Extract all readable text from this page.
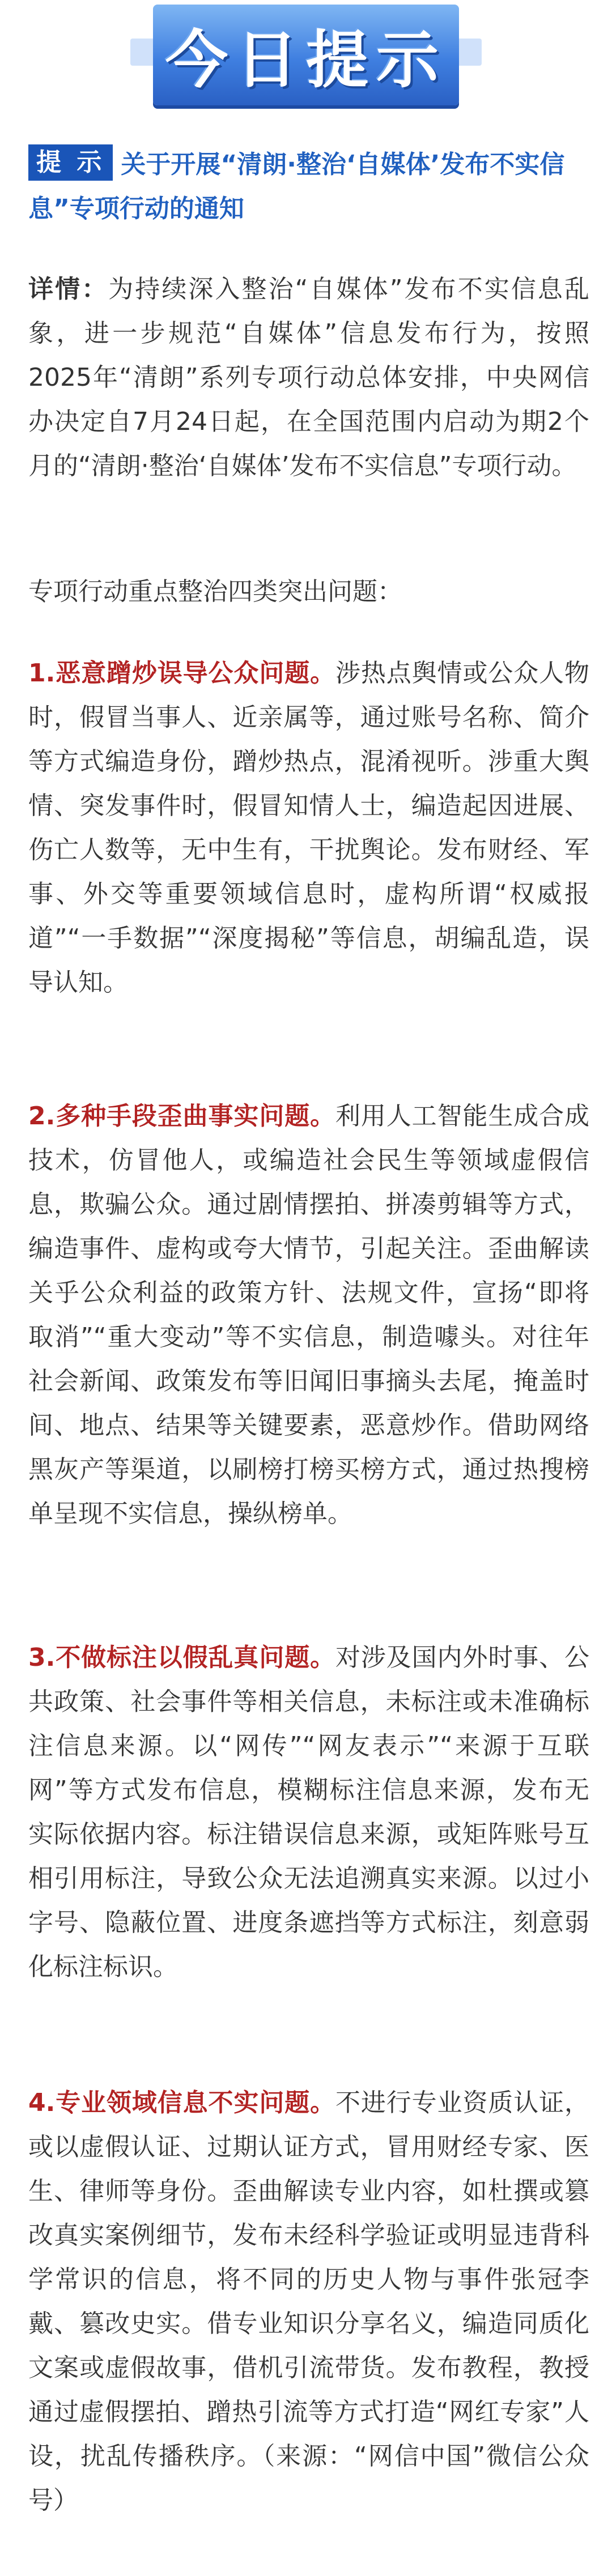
今日提示
提 示 关于开展“清朗·整治‘自媒体’发布不实信息”专项行动的通知
详情：为持续深入整治“自媒体”发布不实信息乱象，进一步规范“自媒体”信息发布行为，按照2025年“清朗”系列专项行动总体安排，中央网信办决定自7月24日起，在全国范围内启动为期2个月的“清朗·整治‘自媒体’发布不实信息”专项行动。
专项行动重点整治四类突出问题：
1.恶意蹭炒误导公众问题。涉热点舆情或公众人物时，假冒当事人、近亲属等，通过账号名称、简介等方式编造身份，蹭炒热点，混淆视听。涉重大舆情、突发事件时，假冒知情人士，编造起因进展、伤亡人数等，无中生有，干扰舆论。发布财经、军事、外交等重要领域信息时，虚构所谓“权威报道”“一手数据”“深度揭秘”等信息，胡编乱造，误导认知。
2.多种手段歪曲事实问题。利用人工智能生成合成技术，仿冒他人，或编造社会民生等领域虚假信息，欺骗公众。通过剧情摆拍、拼凑剪辑等方式，编造事件、虚构或夸大情节，引起关注。歪曲解读关乎公众利益的政策方针、法规文件，宣扬“即将取消”“重大变动”等不实信息，制造噱头。对往年社会新闻、政策发布等旧闻旧事摘头去尾，掩盖时间、地点、结果等关键要素，恶意炒作。借助网络黑灰产等渠道，以刷榜打榜买榜方式，通过热搜榜单呈现不实信息，操纵榜单。
3.不做标注以假乱真问题。对涉及国内外时事、公共政策、社会事件等相关信息，未标注或未准确标注信息来源。以“网传”“网友表示”“来源于互联网”等方式发布信息，模糊标注信息来源，发布无实际依据内容。标注错误信息来源，或矩阵账号互相引用标注，导致公众无法追溯真实来源。以过小字号、隐蔽位置、进度条遮挡等方式标注，刻意弱化标注标识。
4.专业领域信息不实问题。不进行专业资质认证，或以虚假认证、过期认证方式，冒用财经专家、医生、律师等身份。歪曲解读专业内容，如杜撰或篡改真实案例细节，发布未经科学验证或明显违背科学常识的信息，将不同的历史人物与事件张冠李戴、篡改史实。借专业知识分享名义，编造同质化文案或虚假故事，借机引流带货。发布教程，教授通过虚假摆拍、蹭热引流等方式打造“网红专家”人设，扰乱传播秩序。（来源：“网信中国”微信公众号）
